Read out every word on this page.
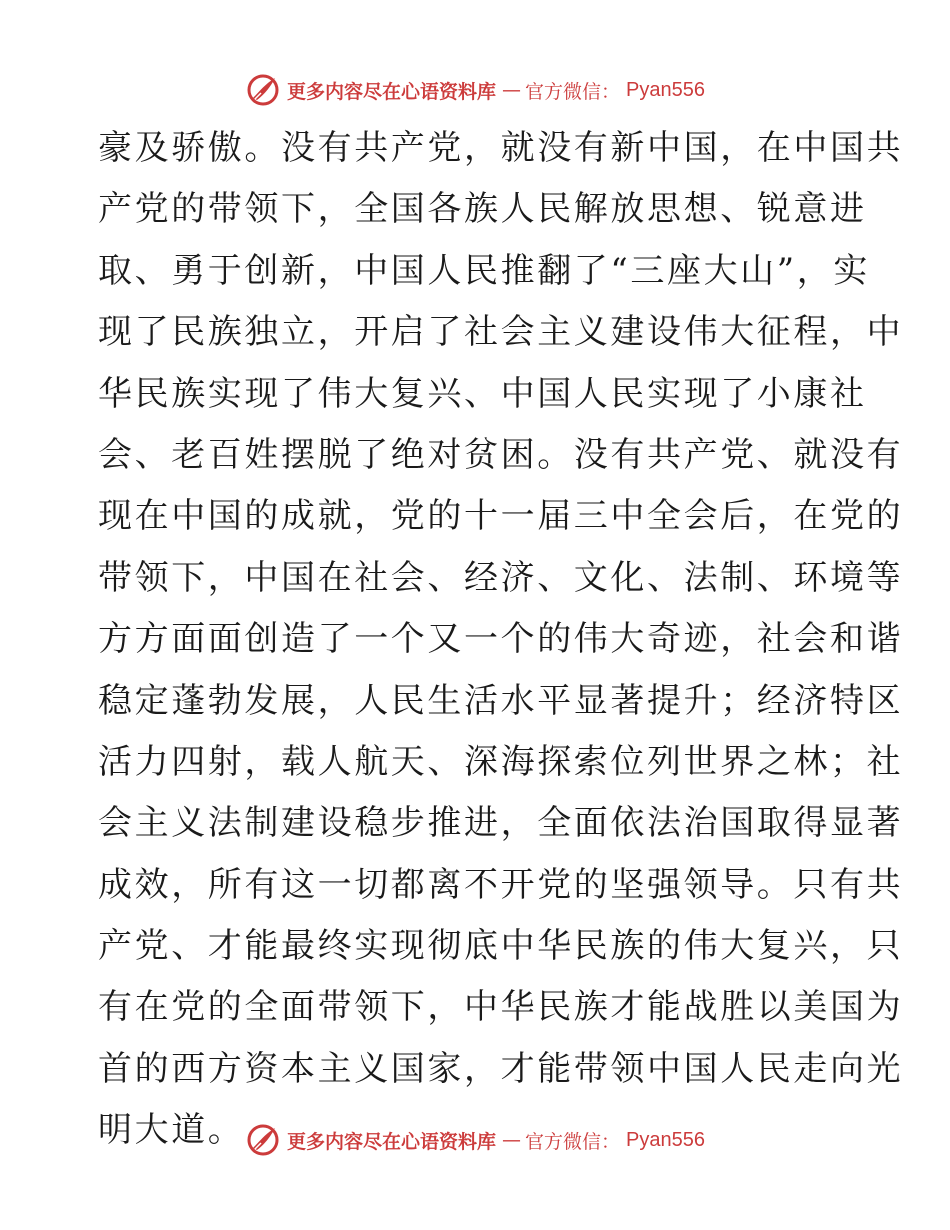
更多内容尽在心语资料库 — 官方微信： Pyan556
豪及骄傲。没有共产党，就没有新中国，在中国共
产党的带领下，全国各族人民解放思想、锐意进
取、勇于创新，中国人民推翻了“三座大山”，实
现了民族独立，开启了社会主义建设伟大征程，中
华民族实现了伟大复兴、中国人民实现了小康社
会、老百姓摆脱了绝对贫困。没有共产党、就没有
现在中国的成就，党的十一届三中全会后，在党的
带领下，中国在社会、经济、文化、法制、环境等
方方面面创造了一个又一个的伟大奇迹，社会和谐
稳定蓬勃发展，人民生活水平显著提升；经济特区
活力四射，载人航天、深海探索位列世界之林；社
会主义法制建设稳步推进，全面依法治国取得显著
成效，所有这一切都离不开党的坚强领导。只有共
产党、才能最终实现彻底中华民族的伟大复兴，只
有在党的全面带领下，中华民族才能战胜以美国为
首的西方资本主义国家，才能带领中国人民走向光
明大道。	更多内容尽在心语资料库 — 官方微信： Pyan556
